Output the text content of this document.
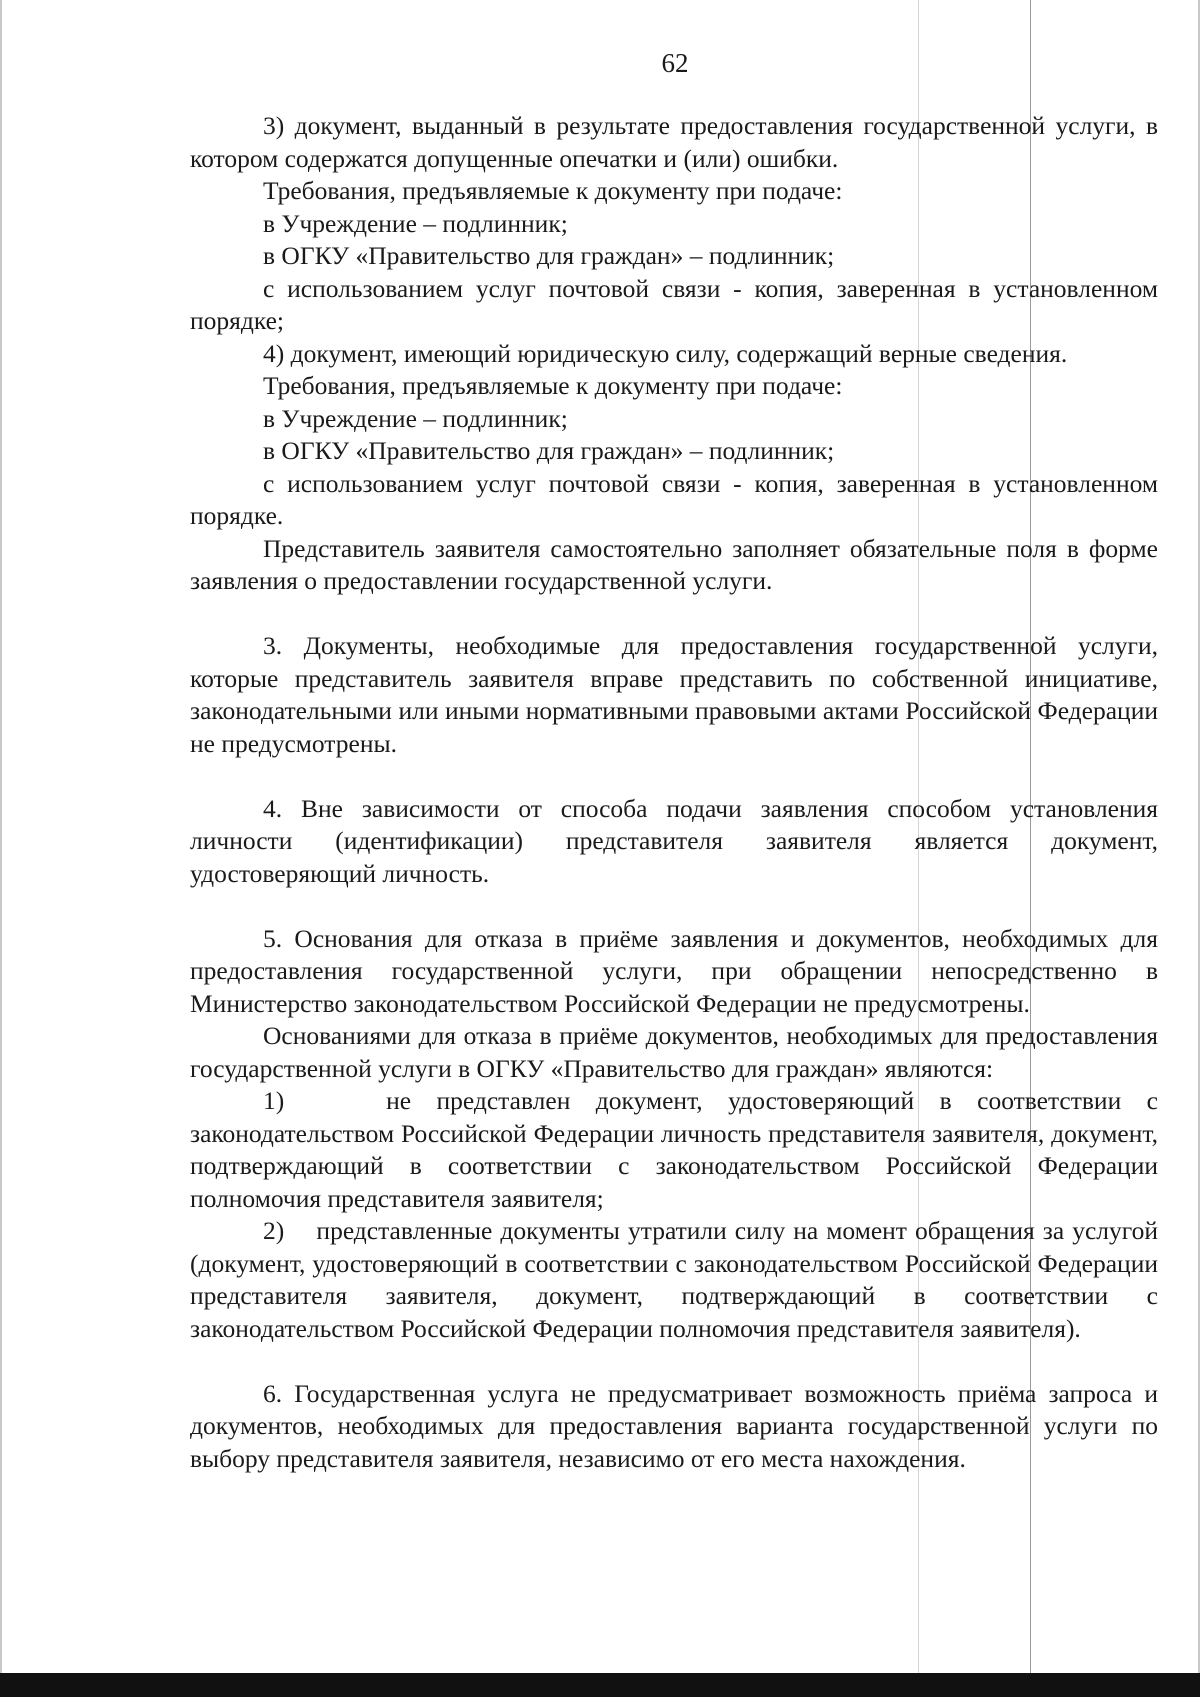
62

3) документ, выданный в результате предоставления государственной услуги, в котором содержатся допущенные опечатки и (или) ошибки.

Требования, предъявляемые к документу при подаче:

в Учреждение – подлинник;

в ОГКУ «Правительство для граждан» – подлинник;

с использованием услуг почтовой связи - копия, заверенная в установленном порядке;

4) документ, имеющий юридическую силу, содержащий верные сведения.

Требования, предъявляемые к документу при подаче:

в Учреждение – подлинник;

в ОГКУ «Правительство для граждан» – подлинник;

с использованием услуг почтовой связи - копия, заверенная в установленном порядке.

Представитель заявителя самостоятельно заполняет обязательные поля в форме заявления о предоставлении государственной услуги.

3. Документы, необходимые для предоставления государственной услуги, которые представитель заявителя вправе представить по собственной инициативе, законодательными или иными нормативными правовыми актами Российской Федерации не предусмотрены.

4. Вне зависимости от способа подачи заявления способом установления личности (идентификации) представителя заявителя является документ, удостоверяющий личность.

5. Основания для отказа в приёме заявления и документов, необходимых для предоставления государственной услуги, при обращении непосредственно в Министерство законодательством Российской Федерации не предусмотрены.

Основаниями для отказа в приёме документов, необходимых для предоставления государственной услуги в ОГКУ «Правительство для граждан» являются:

1)    не представлен документ, удостоверяющий в соответствии с законодательством Российской Федерации личность представителя заявителя, документ, подтверждающий в соответствии с законодательством Российской Федерации полномочия представителя заявителя;

2)    представленные документы утратили силу на момент обращения за услугой (документ, удостоверяющий в соответствии с законодательством Российской Федерации представителя заявителя, документ, подтверждающий в соответствии с законодательством Российской Федерации полномочия представителя заявителя).

6. Государственная услуга не предусматривает возможность приёма запроса и документов, необходимых для предоставления варианта государственной услуги по выбору представителя заявителя, независимо от его места нахождения.
